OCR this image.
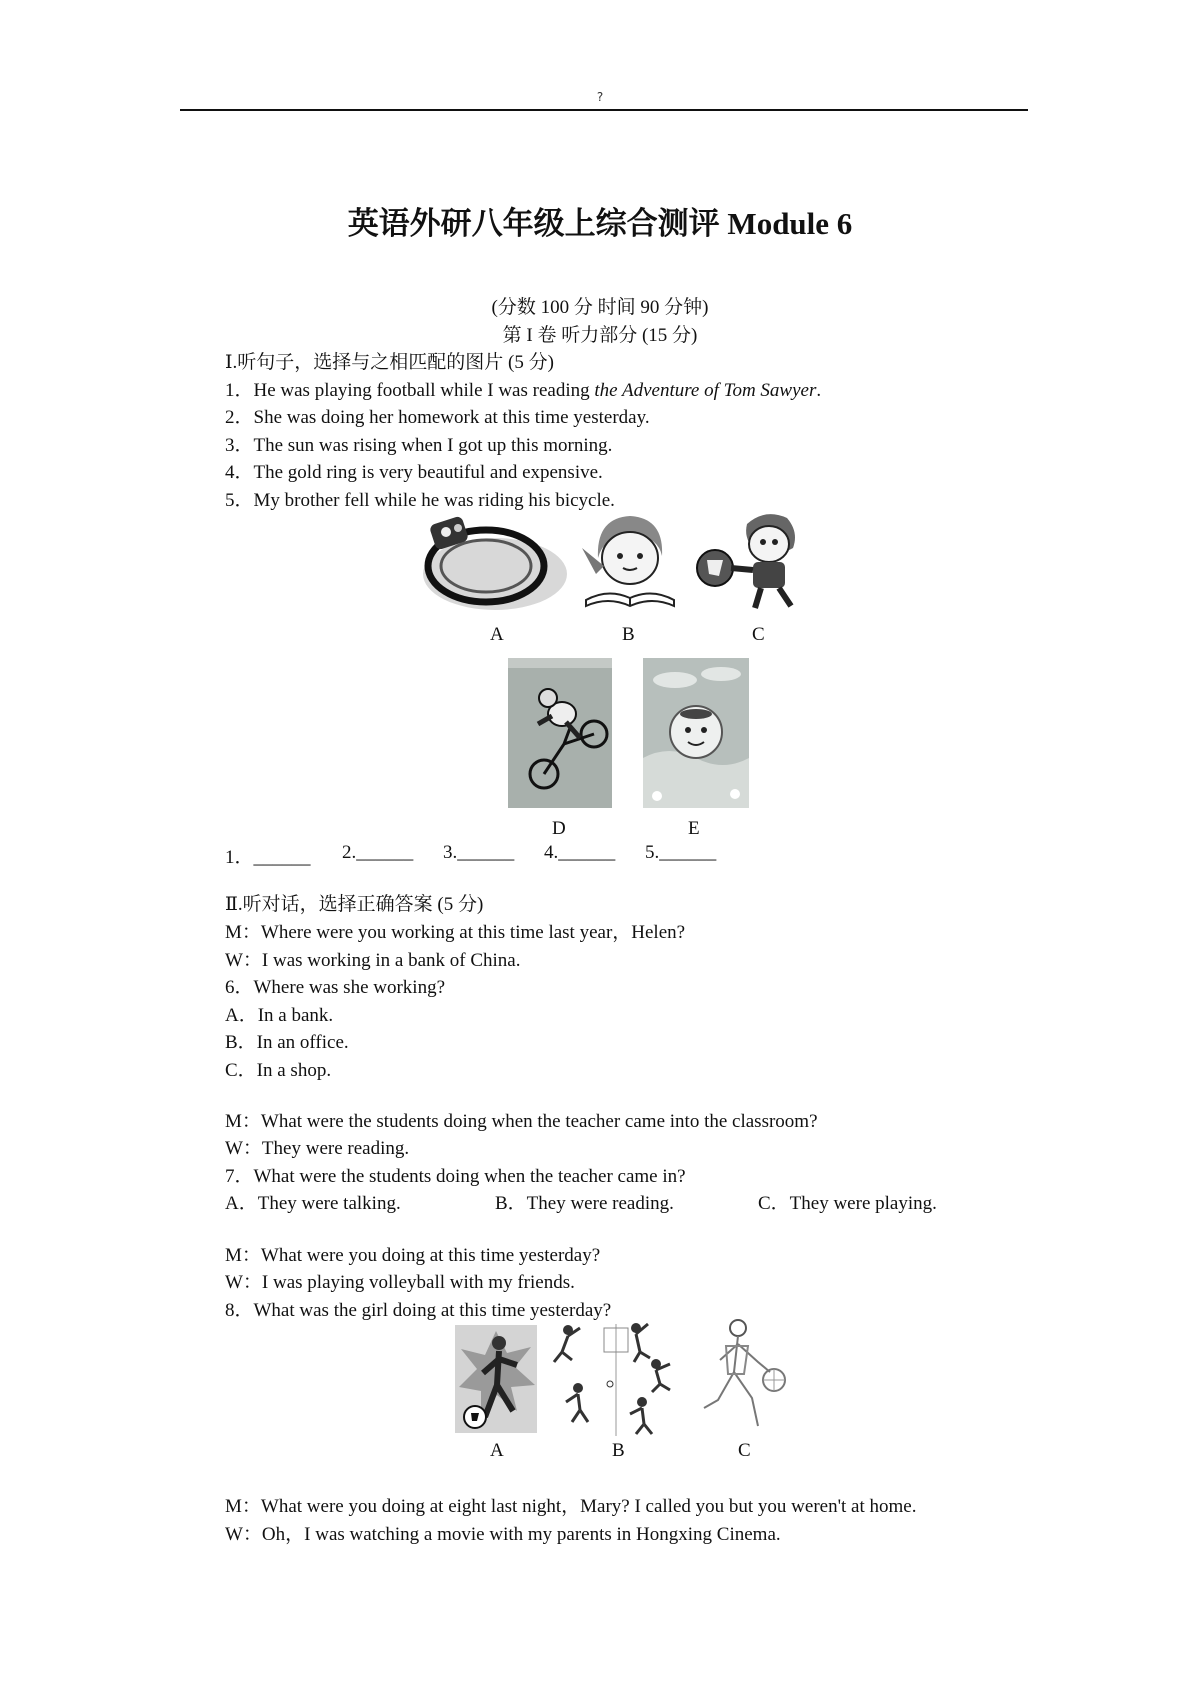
?
英语外研八年级上综合测评 Module 6
(分数 100 分 时间 90 分钟)
第 I 卷 听力部分 (15 分)
Ⅰ.听句子，选择与之相匹配的图片 (5 分)
1．He was playing football while I was reading the Adventure of Tom Sawyer.
2．She was doing her homework at this time yesterday.
3．The sun was rising when I got up this morning.
4．The gold ring is very beautiful and expensive.
5．My brother fell while he was riding his bicycle.
A	B	C
D	E
1．______ 2.______ 3.______ 4.______ 5.______
Ⅱ.听对话，选择正确答案 (5 分)
M：Where were you working at this time last year，Helen?
W：I was working in a bank of China.
6．Where was she working?
A．In a bank.
B．In an office.
C．In a shop.
M：What were the students doing when the teacher came into the classroom?
W：They were reading.
7．What were the students doing when the teacher came in?
A．They were talking.	B．They were reading.	C．They were playing.
M：What were you doing at this time yesterday?
W：I was playing volleyball with my friends.
8．What was the girl doing at this time yesterday?
A	B	C
M：What were you doing at eight last night，Mary? I called you but you weren't at home.
W：Oh，I was watching a movie with my parents in Hongxing Cinema.
